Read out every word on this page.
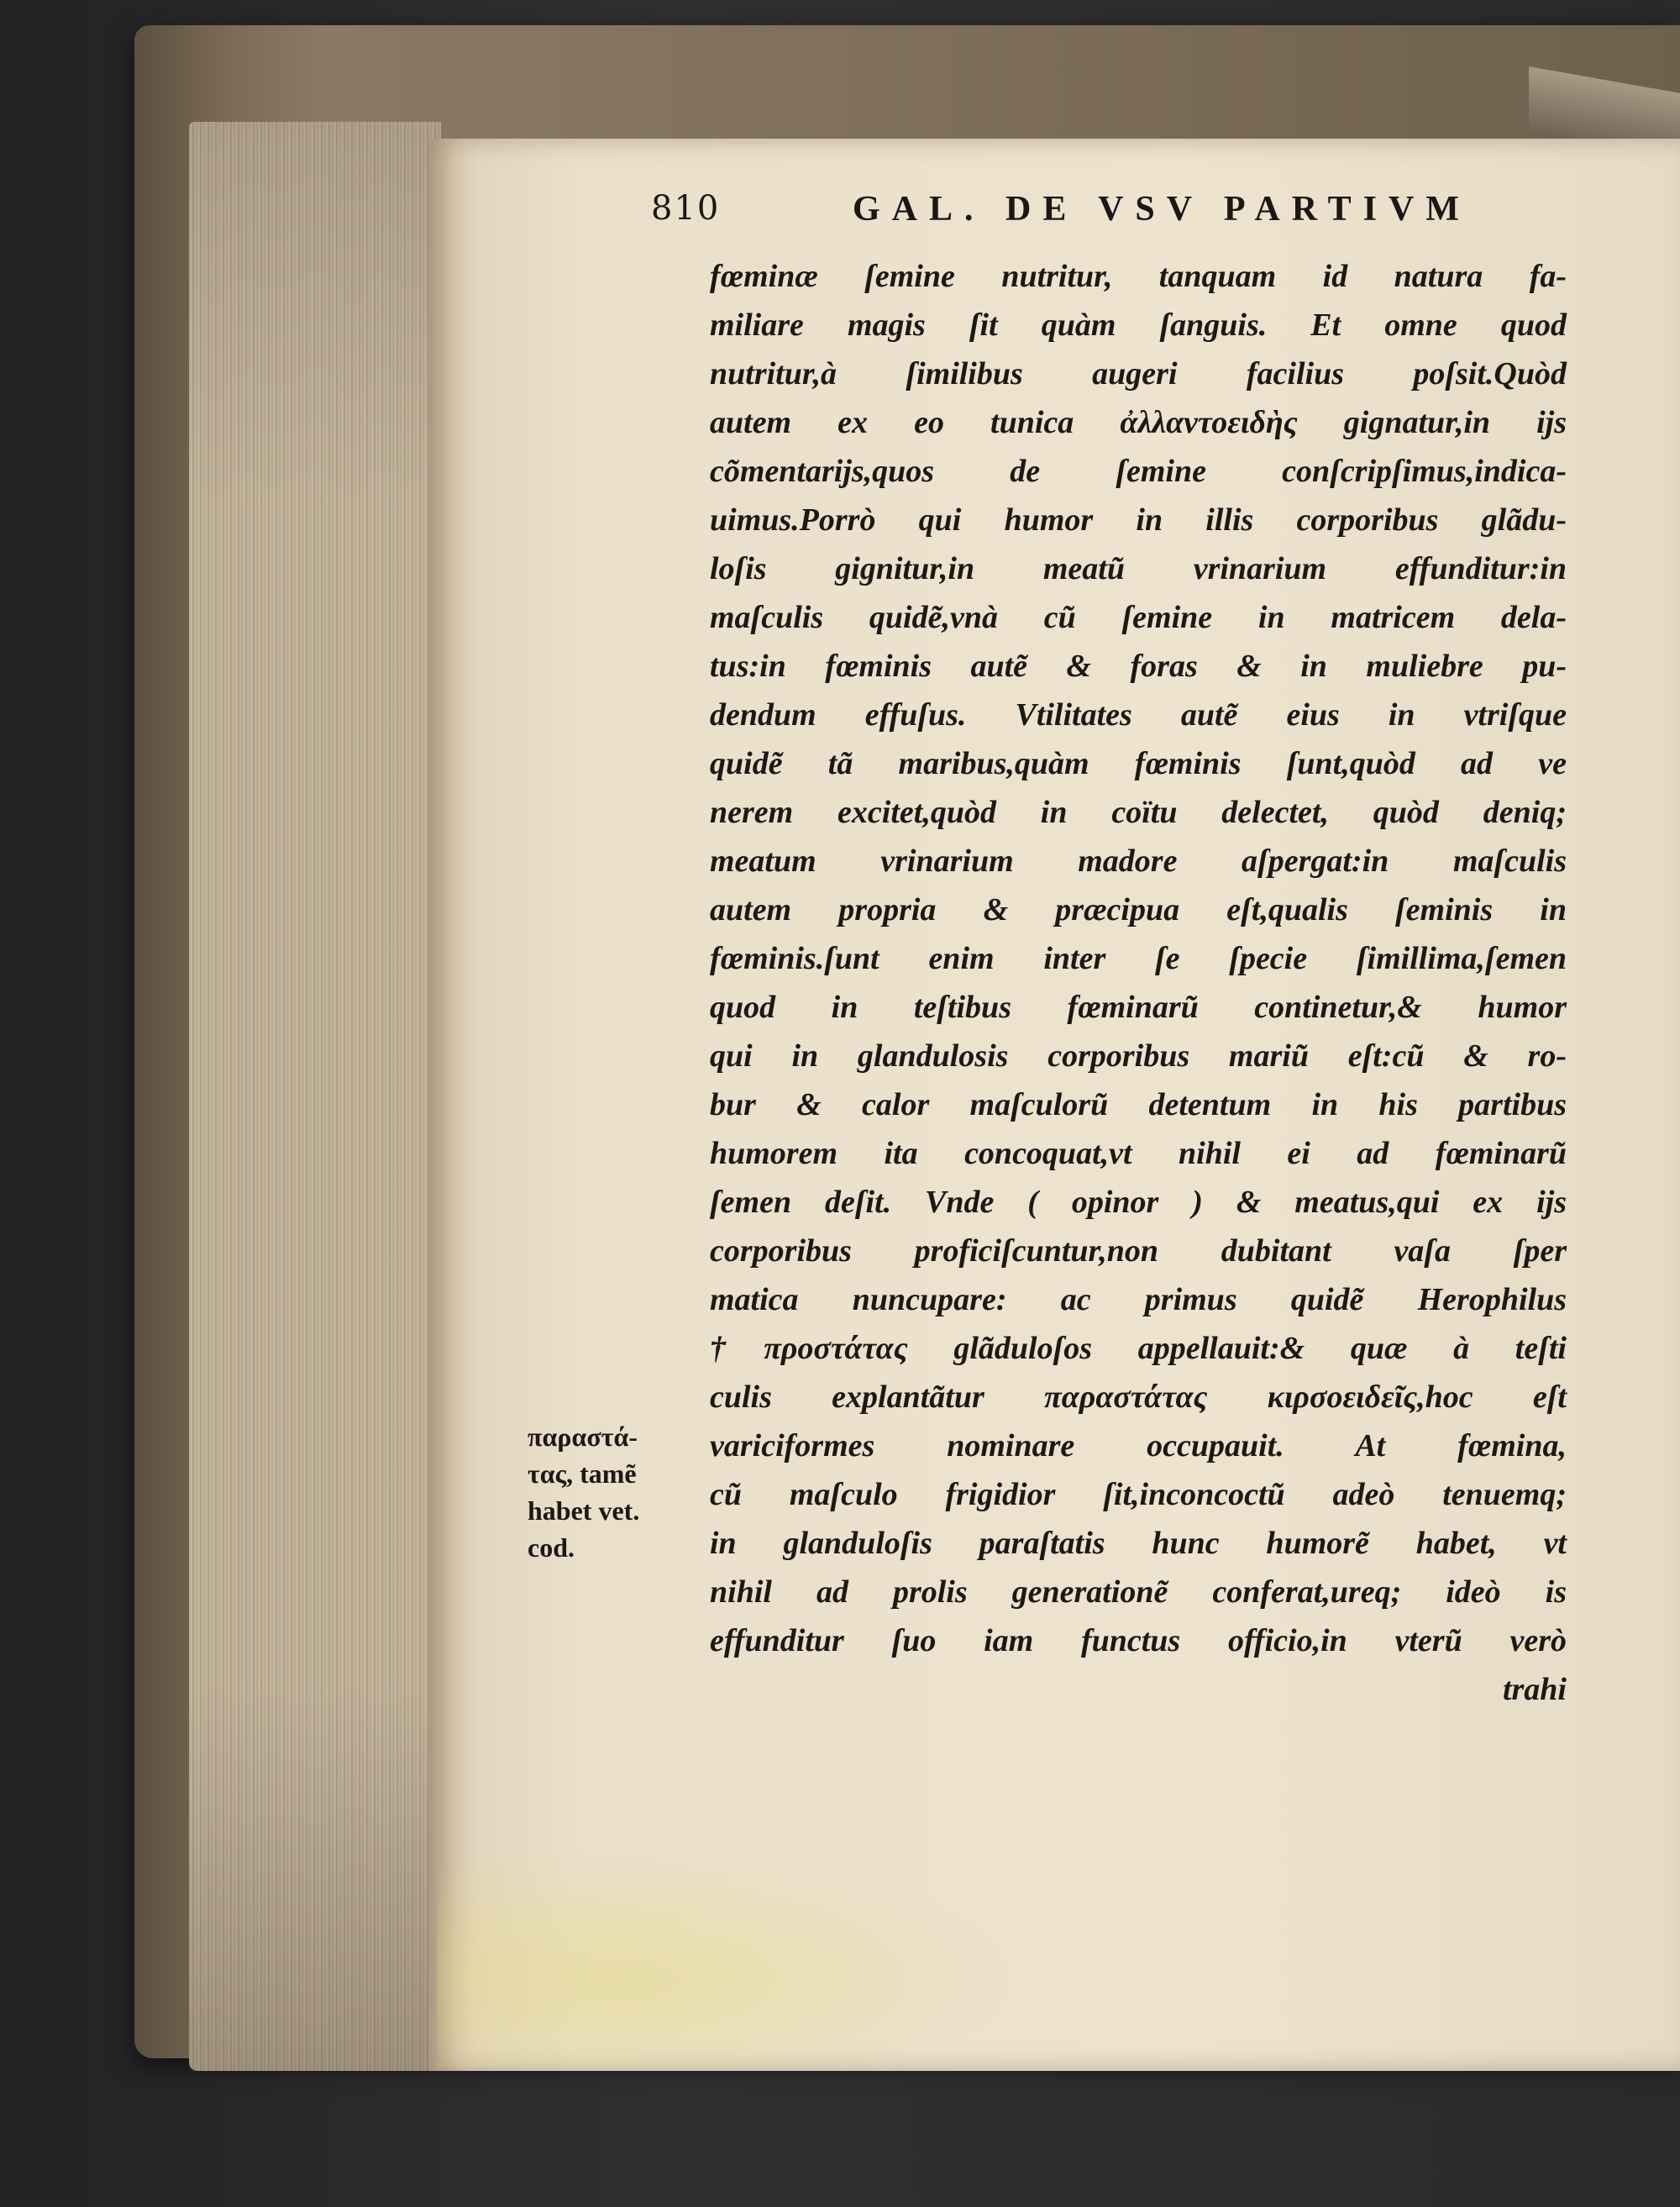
810	GAL. DE VSV PARTIVM
fœminæ ſemine nutritur, tanquam id natura fa-
miliare magis ſit quàm ſanguis. Et omne quod
nutritur,à ſimilibus augeri facilius poſsit.Quòd
autem ex eo tunica ἀλλαντοειδὴς gignatur,in ijs
cõmentarijs,quos de ſemine conſcripſimus,indica-
uimus.Porrò qui humor in illis corporibus glãdu-
loſis gignitur,in meatũ vrinarium effunditur:in
maſculis quidẽ,vnà cũ ſemine in matricem dela-
tus:in fœminis autẽ & foras & in muliebre pu-
dendum effuſus. Vtilitates autẽ eius in vtriſque
quidẽ tã maribus,quàm fœminis ſunt,quòd ad ve
nerem excitet,quòd in coïtu delectet, quòd deniq;
meatum vrinarium madore aſpergat:in maſculis
autem propria & præcipua eſt,qualis ſeminis in
fœminis.ſunt enim inter ſe ſpecie ſimillima,ſemen
quod in teſtibus fœminarũ continetur,& humor
qui in glandulosis corporibus mariũ eſt:cũ & ro-
bur & calor maſculorũ detentum in his partibus
humorem ita concoquat,vt nihil ei ad fœminarũ
ſemen deſit. Vnde ( opinor ) & meatus,qui ex ijs
corporibus proficiſcuntur,non dubitant vaſa ſper
matica nuncupare: ac primus quidẽ Herophilus
†προστάτας glãduloſos appellauit:& quæ à teſti
culis explantãtur παραστάτας κιρσοειδεῖς,hoc eſt
variciformes nominare occupauit. At fœmina,
cũ maſculo frigidior ſit,inconcoctũ adeò tenuemq;
in glanduloſis paraſtatis hunc humorẽ habet, vt
nihil ad prolis generationẽ conferat,ureq; ideò is
effunditur ſuo iam functus officio,in vterũ verò
trahi
παραστά-
τας, tamẽ
habet vet.
cod.
